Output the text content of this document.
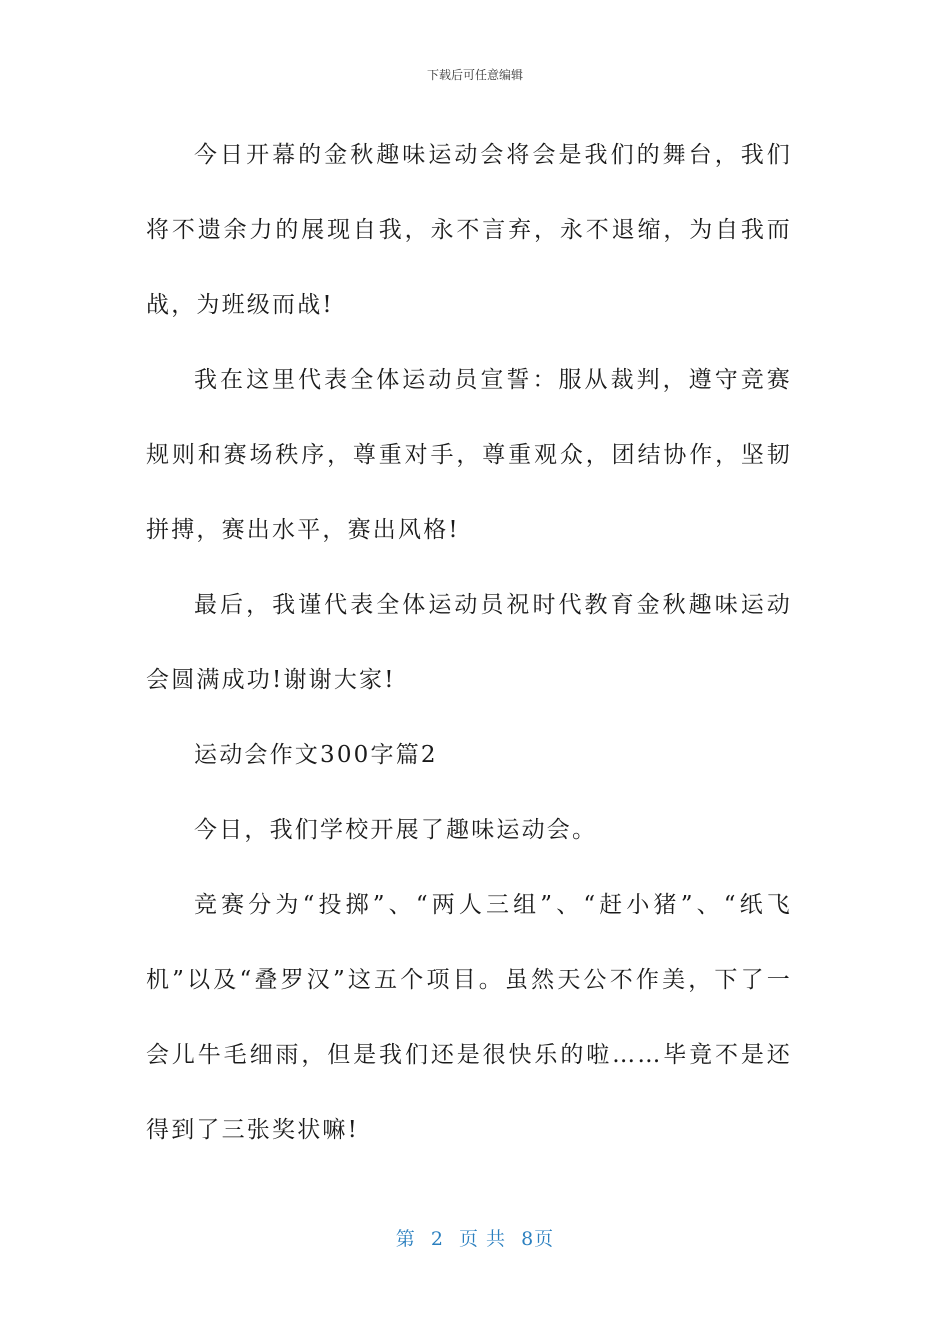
下载后可任意编辑

今日开幕的金秋趣味运动会将会是我们的舞台，我们将不遗余力的展现自我，永不言弃，永不退缩，为自我而战，为班级而战!

我在这里代表全体运动员宣誓：服从裁判，遵守竞赛规则和赛场秩序，尊重对手，尊重观众，团结协作，坚韧拼搏，赛出水平，赛出风格!

最后，我谨代表全体运动员祝时代教育金秋趣味运动会圆满成功!谢谢大家!

运动会作文300字篇2

今日，我们学校开展了趣味运动会。

竞赛分为“投掷”、“两人三组”、“赶小猪”、“纸飞机”以及“叠罗汉”这五个项目。虽然天公不作美，下了一会儿牛毛细雨，但是我们还是很快乐的啦……毕竟不是还得到了三张奖状嘛!

第 2 页 共 8页
